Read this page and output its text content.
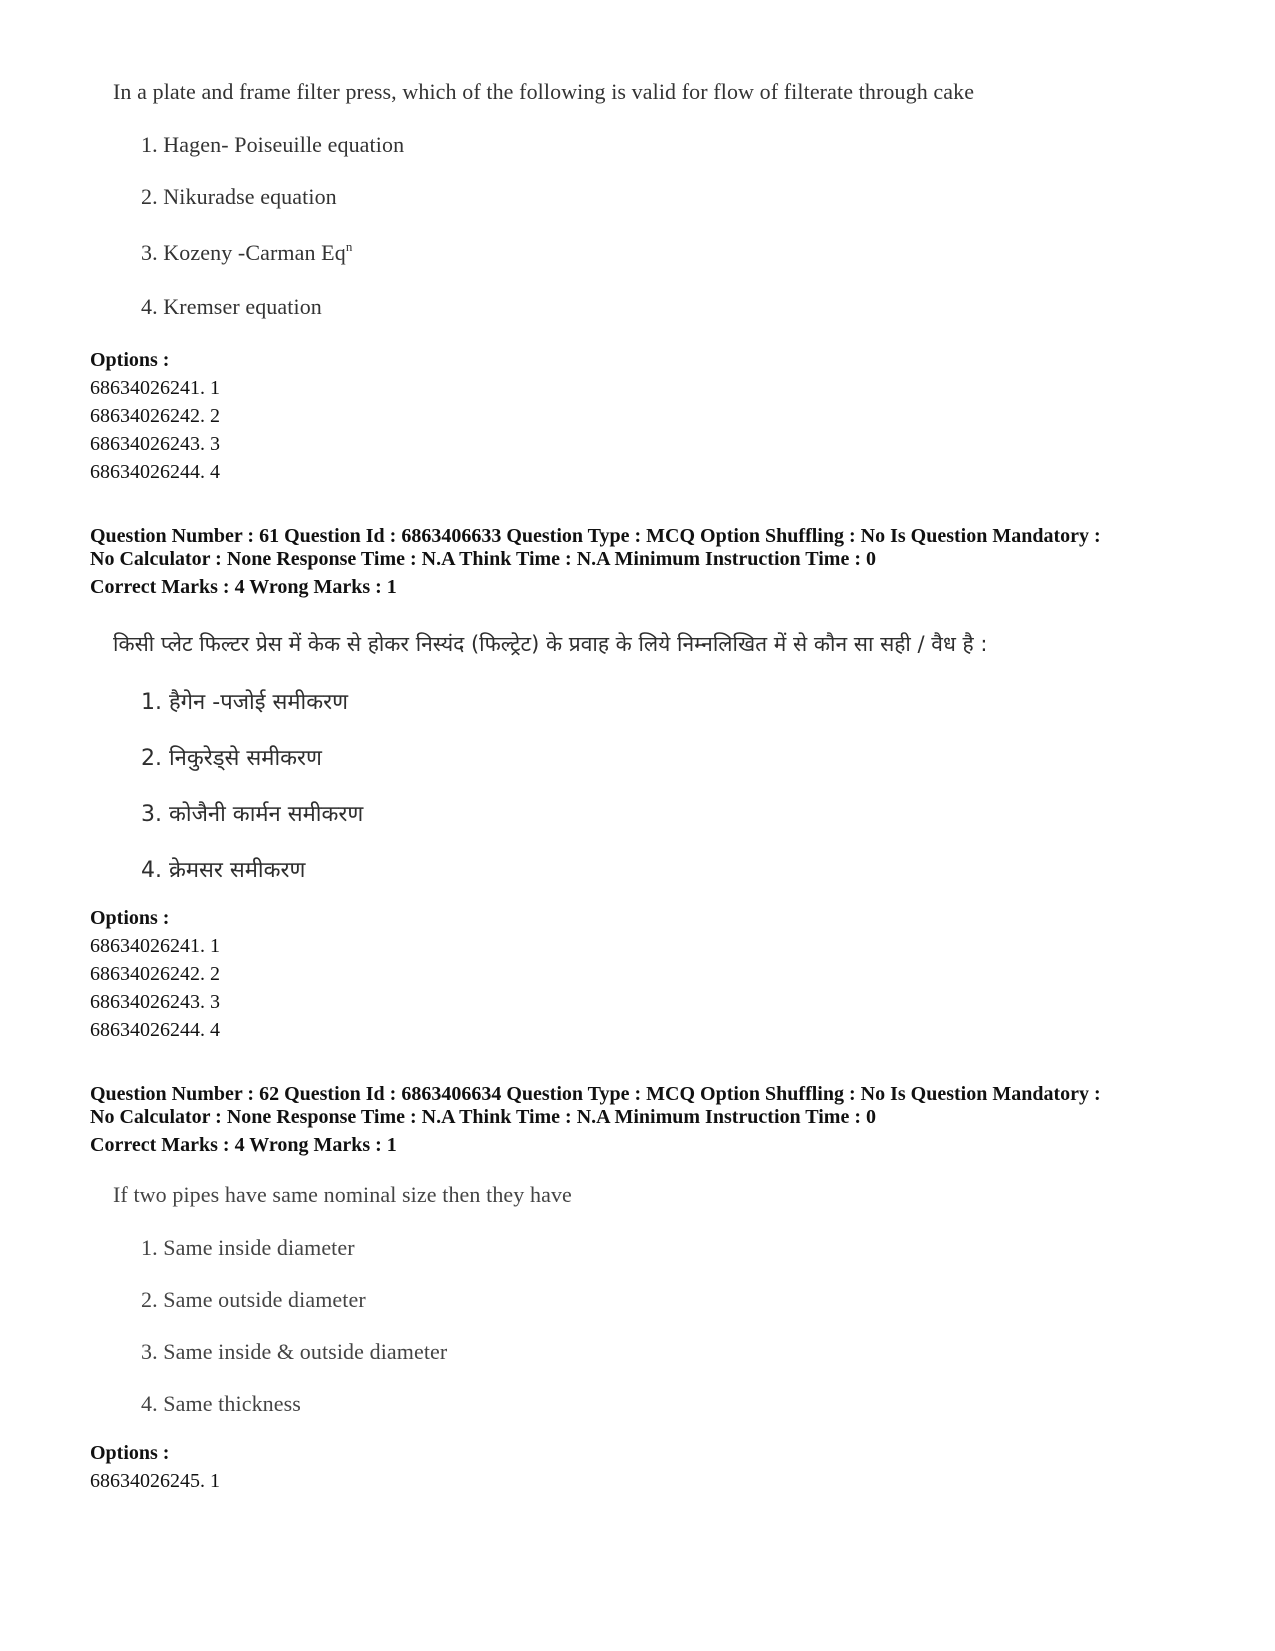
In a plate and frame filter press, which of the following is valid for flow of filterate through cake
1. Hagen- Poiseuille equation
2. Nikuradse equation
3. Kozeny -Carman Eq$^n$
4. Kremser equation
Options :
68634026241. 1
68634026242. 2
68634026243. 3
68634026244. 4
Question Number : 61 Question Id : 6863406633 Question Type : MCQ Option Shuffling : No Is Question Mandatory :
No Calculator : None Response Time : N.A Think Time : N.A Minimum Instruction Time : 0
Correct Marks : 4 Wrong Marks : 1
किसी प्लेट फिल्टर प्रेस में केक से होकर निस्यंद (फिल्ट्रेट) के प्रवाह के लिये निम्नलिखित में से कौन सा सही / वैध है :
1. हैगेन -पजोई समीकरण
2. निकुरेड्से समीकरण
3. कोजैनी कार्मन समीकरण
4. क्रेमसर समीकरण
Options :
68634026241. 1
68634026242. 2
68634026243. 3
68634026244. 4
Question Number : 62 Question Id : 6863406634 Question Type : MCQ Option Shuffling : No Is Question Mandatory :
No Calculator : None Response Time : N.A Think Time : N.A Minimum Instruction Time : 0
Correct Marks : 4 Wrong Marks : 1
If two pipes have same nominal size then they have
1. Same inside diameter
2. Same outside diameter
3. Same inside & outside diameter
4. Same thickness
Options :
68634026245. 1
